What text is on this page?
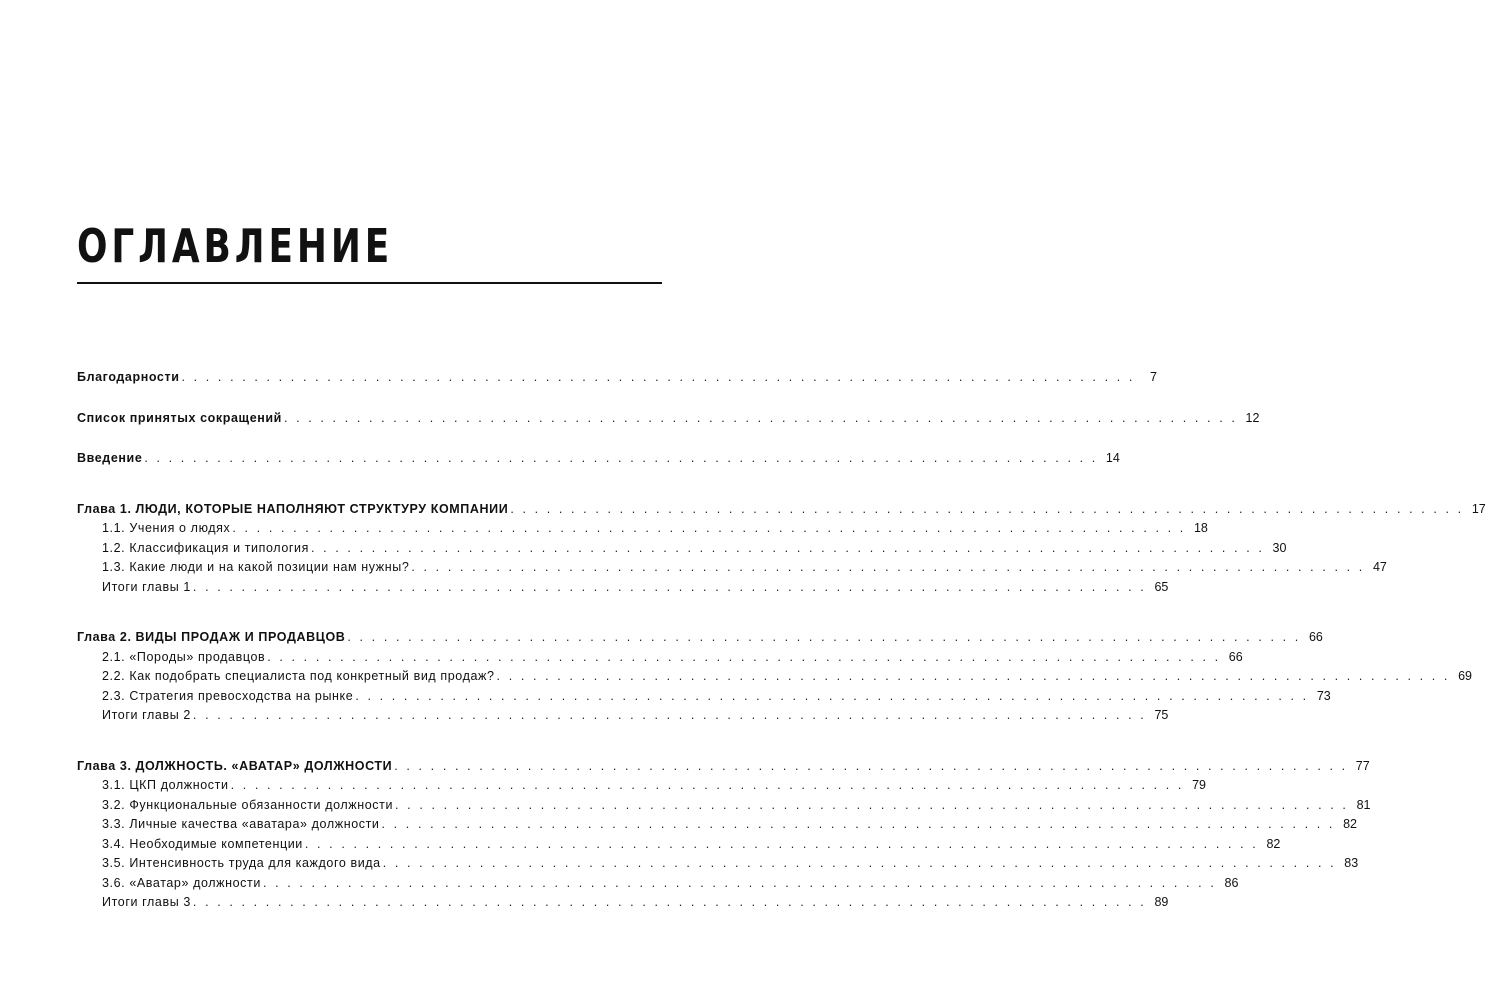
ОГЛАВЛЕНИЕ
Благодарности . . . . . . . . . . . . . . . . . . . . . . . . . . . . . . . . . . . . . . . . . . . . . . . . . . . . . . . . . . . . . . . . . . . . . . . . . . . . . . .	7
Список принятых сокращений . . . . . . . . . . . . . . . . . . . . . . . . . . . . . . . . . . . . . . . . . . . . . . . . . . . . . . . . . . . . . . . . . . . . . . . . . . . . . . . 12
Введение . . . . . . . . . . . . . . . . . . . . . . . . . . . . . . . . . . . . . . . . . . . . . . . . . . . . . . . . . . . . . . . . . . . . . . . . . . . . . . . 14
Глава 1. ЛЮДИ, КОТОРЫЕ НАПОЛНЯЮТ СТРУКТУРУ КОМПАНИИ . . . . . . . . . . . . . . . . . . . . . . . . . . . . . . . . . . . . . . . . . . . . . . . . . . . . . . . . . . . . . . . . . . . . . . . . . . . . . . . 17
1.1. Учения о людях . . . . . . . . . . . . . . . . . . . . . . . . . . . . . . . . . . . . . . . . . . . . . . . . . . . . . . . . . . . . . . . . . . . . . . . . . . . . . . . 18
1.2. Классификация и типология . . . . . . . . . . . . . . . . . . . . . . . . . . . . . . . . . . . . . . . . . . . . . . . . . . . . . . . . . . . . . . . . . . . . . . . . . . . . . . . 30
1.3. Какие люди и на какой позиции нам нужны? . . . . . . . . . . . . . . . . . . . . . . . . . . . . . . . . . . . . . . . . . . . . . . . . . . . . . . . . . . . . . . . . . . . . . . . . . . . . . . . 47
Итоги главы 1 . . . . . . . . . . . . . . . . . . . . . . . . . . . . . . . . . . . . . . . . . . . . . . . . . . . . . . . . . . . . . . . . . . . . . . . . . . . . . . . 65
Глава 2. ВИДЫ ПРОДАЖ И ПРОДАВЦОВ . . . . . . . . . . . . . . . . . . . . . . . . . . . . . . . . . . . . . . . . . . . . . . . . . . . . . . . . . . . . . . . . . . . . . . . . . . . . . . . 66
2.1. «Породы» продавцов . . . . . . . . . . . . . . . . . . . . . . . . . . . . . . . . . . . . . . . . . . . . . . . . . . . . . . . . . . . . . . . . . . . . . . . . . . . . . . . 66
2.2. Как подобрать специалиста под конкретный вид продаж? . . . . . . . . . . . . . . . . . . . . . . . . . . . . . . . . . . . . . . . . . . . . . . . . . . . . . . . . . . . . . . . . . . . . . . . . . . . . . . . 69
2.3. Стратегия превосходства на рынке . . . . . . . . . . . . . . . . . . . . . . . . . . . . . . . . . . . . . . . . . . . . . . . . . . . . . . . . . . . . . . . . . . . . . . . . . . . . . . . 73
Итоги главы 2 . . . . . . . . . . . . . . . . . . . . . . . . . . . . . . . . . . . . . . . . . . . . . . . . . . . . . . . . . . . . . . . . . . . . . . . . . . . . . . . 75
Глава 3. ДОЛЖНОСТЬ. «АВАТАР» ДОЛЖНОСТИ . . . . . . . . . . . . . . . . . . . . . . . . . . . . . . . . . . . . . . . . . . . . . . . . . . . . . . . . . . . . . . . . . . . . . . . . . . . . . . . 77
3.1. ЦКП должности . . . . . . . . . . . . . . . . . . . . . . . . . . . . . . . . . . . . . . . . . . . . . . . . . . . . . . . . . . . . . . . . . . . . . . . . . . . . . . . 79
3.2. Функциональные обязанности должности . . . . . . . . . . . . . . . . . . . . . . . . . . . . . . . . . . . . . . . . . . . . . . . . . . . . . . . . . . . . . . . . . . . . . . . . . . . . . . . 81
3.3. Личные качества «аватара» должности . . . . . . . . . . . . . . . . . . . . . . . . . . . . . . . . . . . . . . . . . . . . . . . . . . . . . . . . . . . . . . . . . . . . . . . . . . . . . . . 82
3.4. Необходимые компетенции . . . . . . . . . . . . . . . . . . . . . . . . . . . . . . . . . . . . . . . . . . . . . . . . . . . . . . . . . . . . . . . . . . . . . . . . . . . . . . . 82
3.5. Интенсивность труда для каждого вида . . . . . . . . . . . . . . . . . . . . . . . . . . . . . . . . . . . . . . . . . . . . . . . . . . . . . . . . . . . . . . . . . . . . . . . . . . . . . . . 83
3.6. «Аватар» должности . . . . . . . . . . . . . . . . . . . . . . . . . . . . . . . . . . . . . . . . . . . . . . . . . . . . . . . . . . . . . . . . . . . . . . . . . . . . . . . 86
Итоги главы 3 . . . . . . . . . . . . . . . . . . . . . . . . . . . . . . . . . . . . . . . . . . . . . . . . . . . . . . . . . . . . . . . . . . . . . . . . . . . . . . . 89
